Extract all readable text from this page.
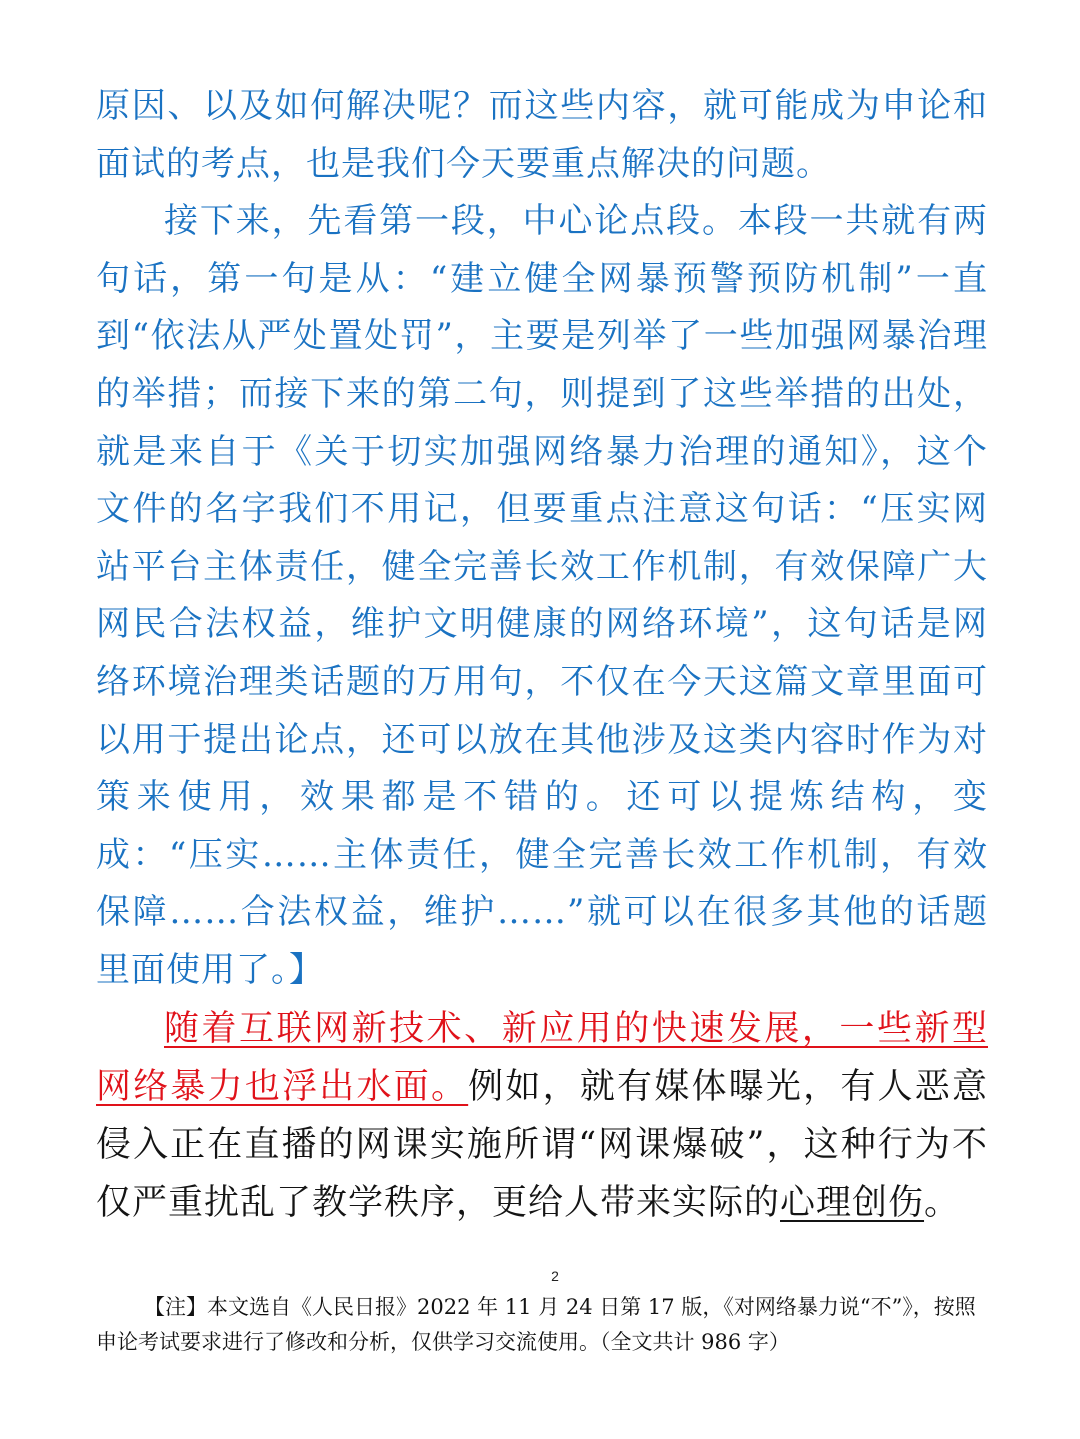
原因、以及如何解决呢？而这些内容，就可能成为申论和面试的考点，也是我们今天要重点解决的问题。

接下来，先看第一段，中心论点段。本段一共就有两句话，第一句是从：“建立健全网暴预警预防机制”一直到“依法从严处置处罚”，主要是列举了一些加强网暴治理的举措；而接下来的第二句，则提到了这些举措的出处，就是来自于《关于切实加强网络暴力治理的通知》，这个文件的名字我们不用记，但要重点注意这句话：“压实网站平台主体责任，健全完善长效工作机制，有效保障广大网民合法权益，维护文明健康的网络环境”，这句话是网络环境治理类话题的万用句，不仅在今天这篇文章里面可以用于提出论点，还可以放在其他涉及这类内容时作为对策来使用，效果都是不错的。还可以提炼结构，变成：“压实……主体责任，健全完善长效工作机制，有效保障……合法权益，维护……”就可以在很多其他的话题里面使用了。】

随着互联网新技术、新应用的快速发展，一些新型网络暴力也浮出水面。例如，就有媒体曝光，有人恶意侵入正在直播的网课实施所谓“网课爆破”，这种行为不仅严重扰乱了教学秩序，更给人带来实际的心理创伤。

2

【注】本文选自《人民日报》2022 年 11 月 24 日第 17 版，《对网络暴力说“不”》，按照申论考试要求进行了修改和分析，仅供学习交流使用。（全文共计 986 字）
